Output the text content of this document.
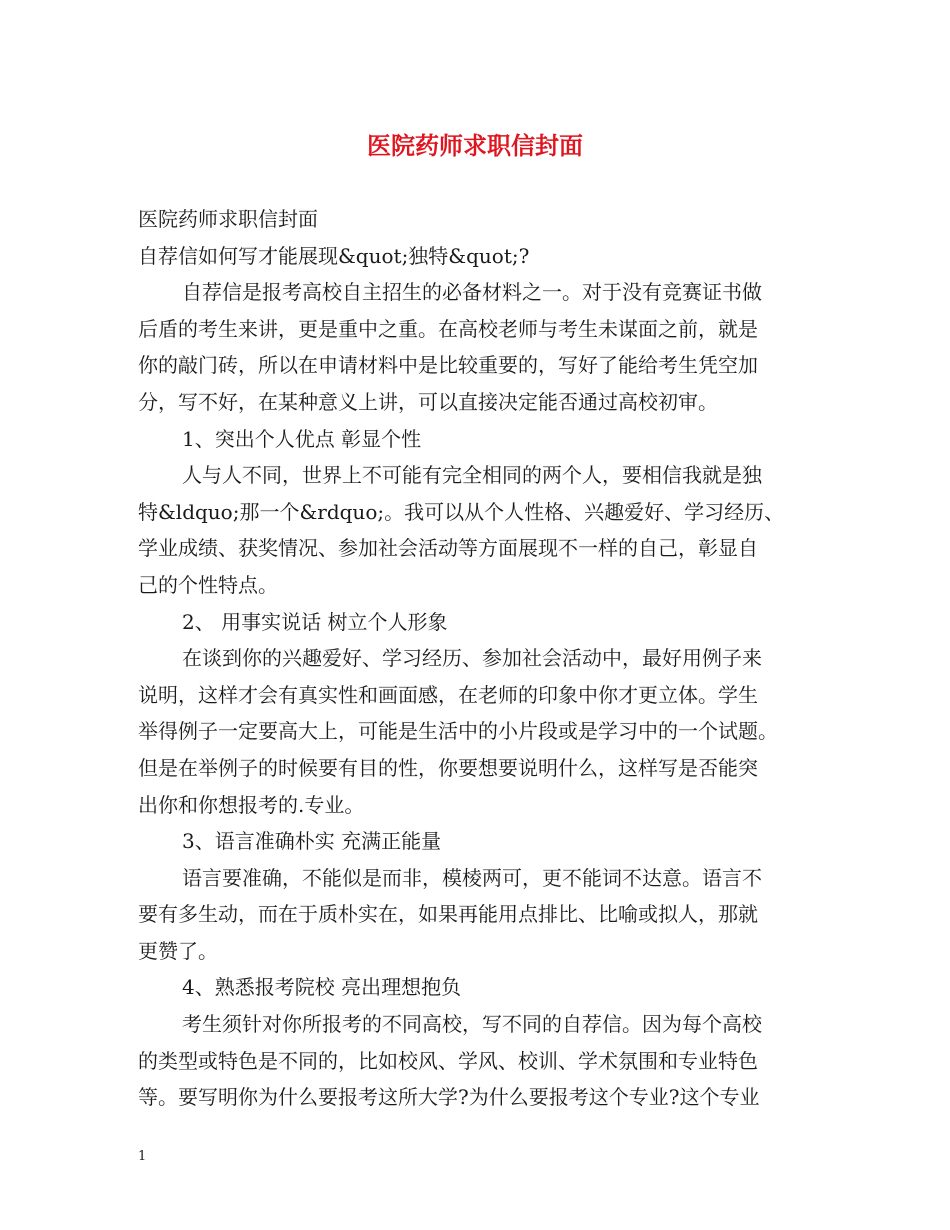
医院药师求职信封面
医院药师求职信封面
自荐信如何写才能展现&quot;独特&quot;?
自荐信是报考高校自主招生的必备材料之一。对于没有竞赛证书做
后盾的考生来讲，更是重中之重。在高校老师与考生未谋面之前，就是
你的敲门砖，所以在申请材料中是比较重要的，写好了能给考生凭空加
分，写不好，在某种意义上讲，可以直接决定能否通过高校初审。
1、突出个人优点 彰显个性
人与人不同，世界上不可能有完全相同的两个人，要相信我就是独
特&ldquo;那一个&rdquo;。我可以从个人性格、兴趣爱好、学习经历、
学业成绩、获奖情况、参加社会活动等方面展现不一样的自己，彰显自
己的个性特点。
2、 用事实说话 树立个人形象
在谈到你的兴趣爱好、学习经历、参加社会活动中，最好用例子来
说明，这样才会有真实性和画面感，在老师的印象中你才更立体。学生
举得例子一定要高大上，可能是生活中的小片段或是学习中的一个试题。
但是在举例子的时候要有目的性，你要想要说明什么，这样写是否能突
出你和你想报考的.专业。
3、语言准确朴实 充满正能量
语言要准确，不能似是而非，模棱两可，更不能词不达意。语言不
要有多生动，而在于质朴实在，如果再能用点排比、比喻或拟人，那就
更赞了。
4、熟悉报考院校 亮出理想抱负
考生须针对你所报考的不同高校，写不同的自荐信。因为每个高校
的类型或特色是不同的，比如校风、学风、校训、学术氛围和专业特色
等。要写明你为什么要报考这所大学?为什么要报考这个专业?这个专业
1
